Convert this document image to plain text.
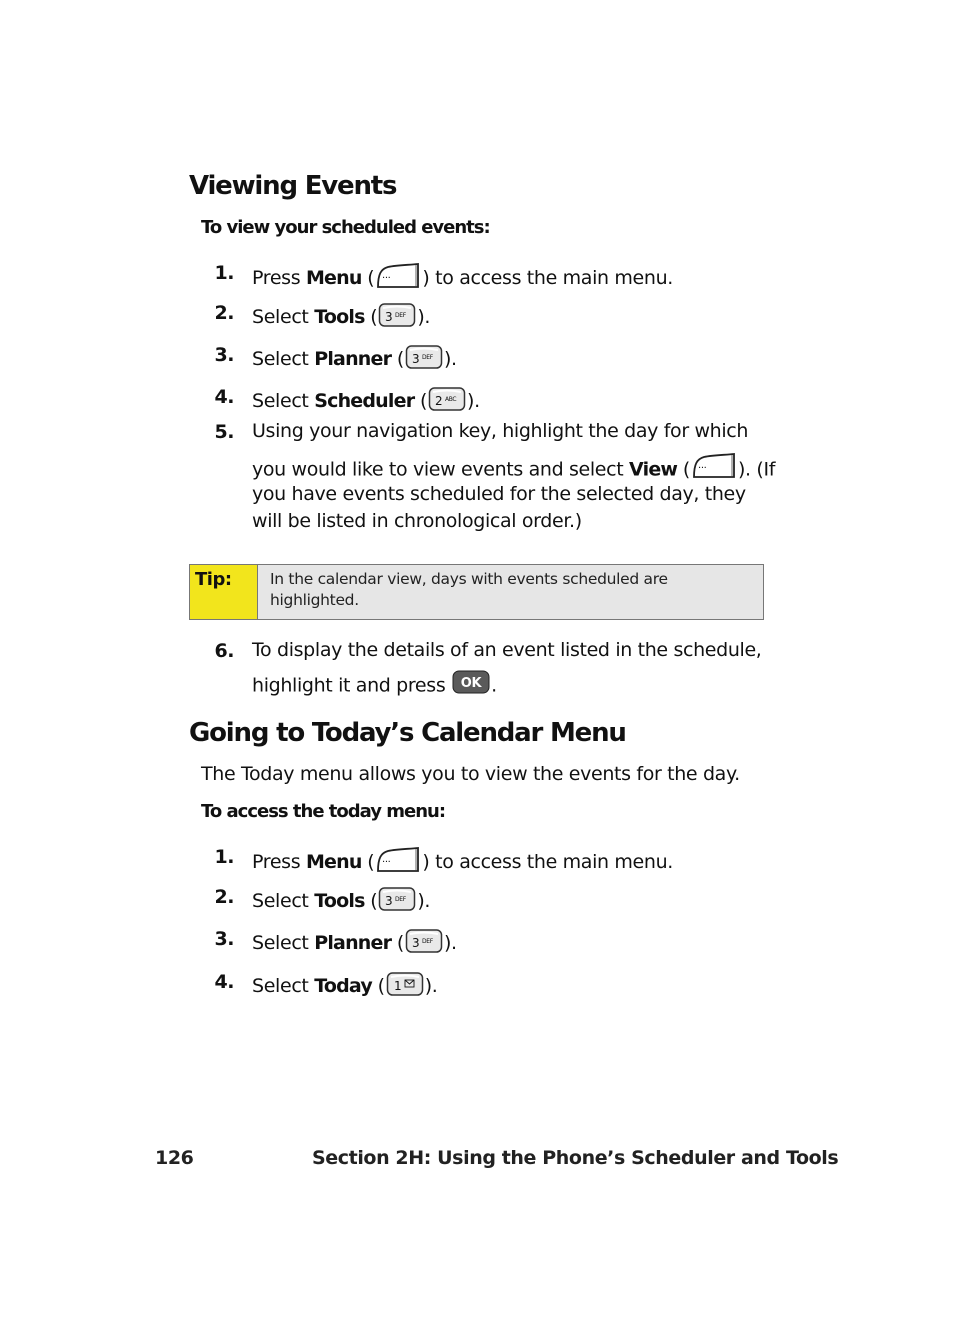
Viewing Events
To view your scheduled events:
1. Press Menu ( ··· ) to access the main menu.
2. Select Tools ( 3 DEF ).
3. Select Planner ( 3 DEF ).
4. Select Scheduler ( 2 ABC ).
5. Using your navigation key, highlight the day for which
you would like to view events and select View ( ··· ). (If
you have events scheduled for the selected day, they
will be listed in chronological order.)
Tip:	In the calendar view, days with events scheduled are highlighted.
6. To display the details of an event listed in the schedule,
highlight it and press OK .
Going to Today’s Calendar Menu
The Today menu allows you to view the events for the day.
To access the today menu:
1. Press Menu ( ··· ) to access the main menu.
2. Select Tools ( 3 DEF ).
3. Select Planner ( 3 DEF ).
4. Select Today ( 1 ).
126	Section 2H: Using the Phone’s Scheduler and Tools
